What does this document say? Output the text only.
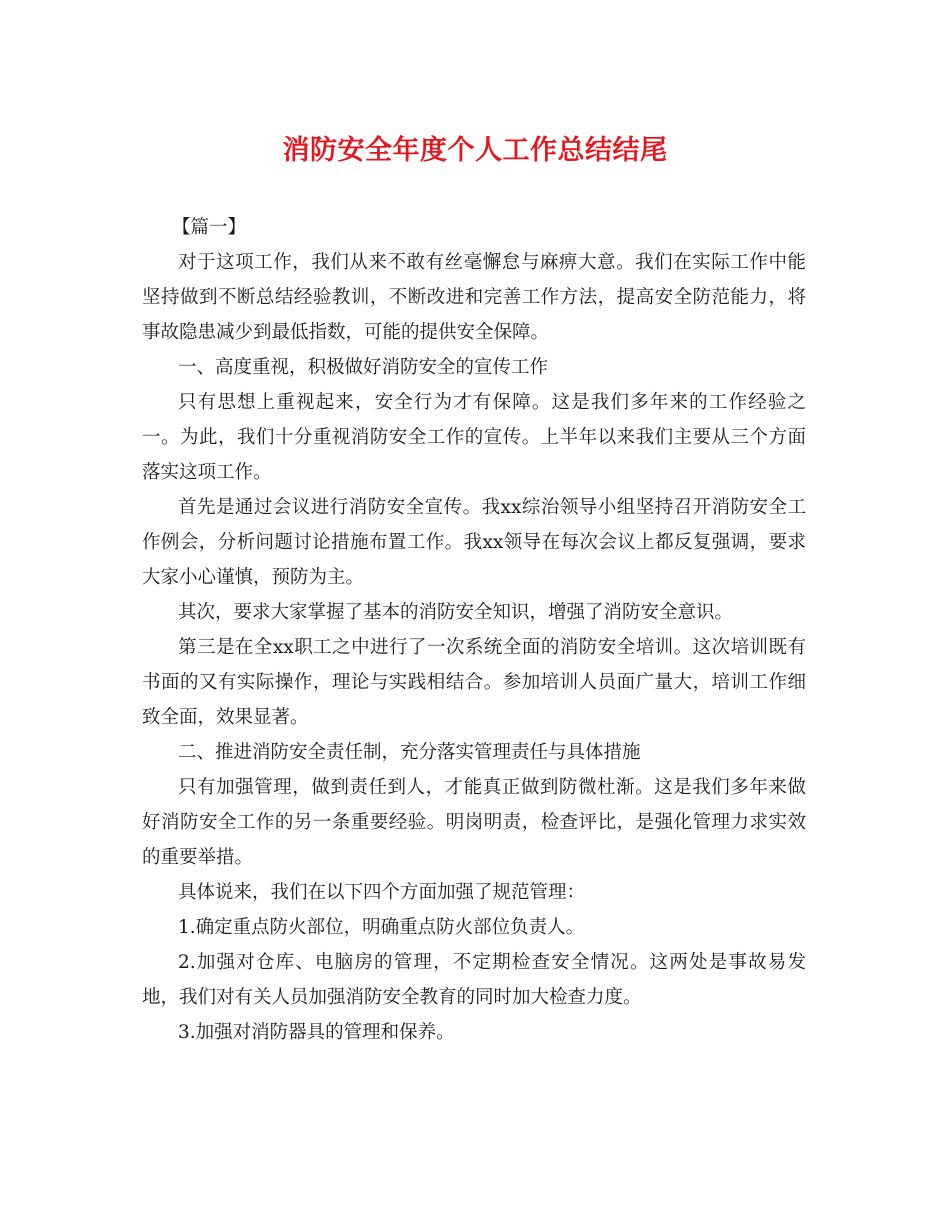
消防安全年度个人工作总结结尾

【篇一】

对于这项工作，我们从来不敢有丝毫懈怠与麻痹大意。我们在实际工作中能坚持做到不断总结经验教训，不断改进和完善工作方法，提高安全防范能力，将事故隐患减少到最低指数，可能的提供安全保障。

一、高度重视，积极做好消防安全的宣传工作

只有思想上重视起来，安全行为才有保障。这是我们多年来的工作经验之一。为此，我们十分重视消防安全工作的宣传。上半年以来我们主要从三个方面落实这项工作。

首先是通过会议进行消防安全宣传。我xx综治领导小组坚持召开消防安全工作例会，分析问题讨论措施布置工作。我xx领导在每次会议上都反复强调，要求大家小心谨慎，预防为主。

其次，要求大家掌握了基本的消防安全知识，增强了消防安全意识。

第三是在全xx职工之中进行了一次系统全面的消防安全培训。这次培训既有书面的又有实际操作，理论与实践相结合。参加培训人员面广量大，培训工作细致全面，效果显著。

二、推进消防安全责任制，充分落实管理责任与具体措施

只有加强管理，做到责任到人，才能真正做到防微杜渐。这是我们多年来做好消防安全工作的另一条重要经验。明岗明责，检查评比，是强化管理力求实效的重要举措。

具体说来，我们在以下四个方面加强了规范管理：

1.确定重点防火部位，明确重点防火部位负责人。

2.加强对仓库、电脑房的管理，不定期检查安全情况。这两处是事故易发地，我们对有关人员加强消防安全教育的同时加大检查力度。

3.加强对消防器具的管理和保养。
